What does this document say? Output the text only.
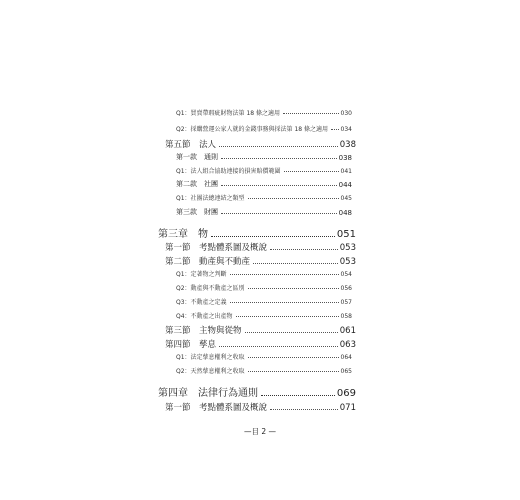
Q1：買賣帶瑕疵財物法第 18 條之適用	030
Q2：採購營運公家人就的金錢事務與採法第 18 條之適用 034
第五節　法人	038
第一款　通則	038
Q1：法人組合協助連接的損害賠償範圍	041
第二款　社團	044
Q1：社團法總連結之類型	045
第三款　財團	048
第三章　物	051
第一節　考點體系圖及概說	053
第二節　動產與不動產	053
Q1：定著物之判斷	054
Q2：動產與不動產之區別	056
Q3：不動產之定義	057
Q4：不動產之出產物	058
第三節　主物與從物	061
第四節　孳息	063
Q1：法定孳息權利之收取	064
Q2：天然孳息權利之收取	065
第四章　法律行為通則	069
第一節　考點體系圖及概說	071
—目 2 —
